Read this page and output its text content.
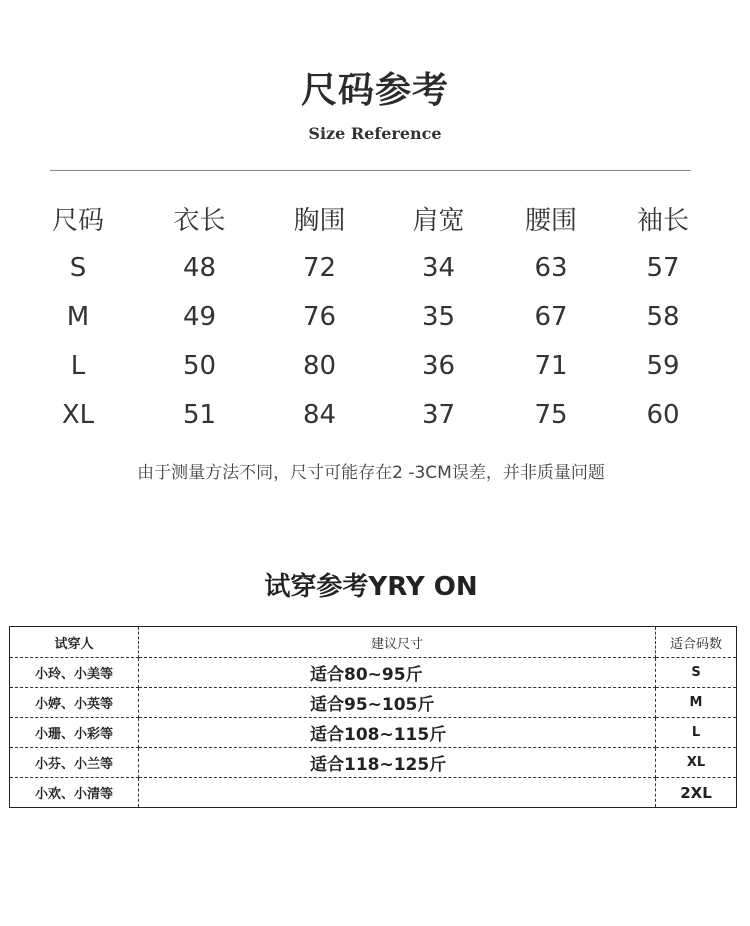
尺码参考
Size Reference
尺码	衣长	胸围	肩宽	腰围	袖长
S	48	72	34	63	57
M	49	76	35	67	58
L	50	80	36	71	59
XL	51	84	37	75	60
由于测量方法不同，尺寸可能存在2 -3CM误差，并非质量问题
试穿参考YRY ON
试穿人	建议尺寸	适合码数
小玲、小美等	适合80~95斤	S
小婷、小英等	适合95~105斤	M
小珊、小彩等	适合108~115斤	L
小芬、小兰等	适合118~125斤	XL
小欢、小清等		2XL
